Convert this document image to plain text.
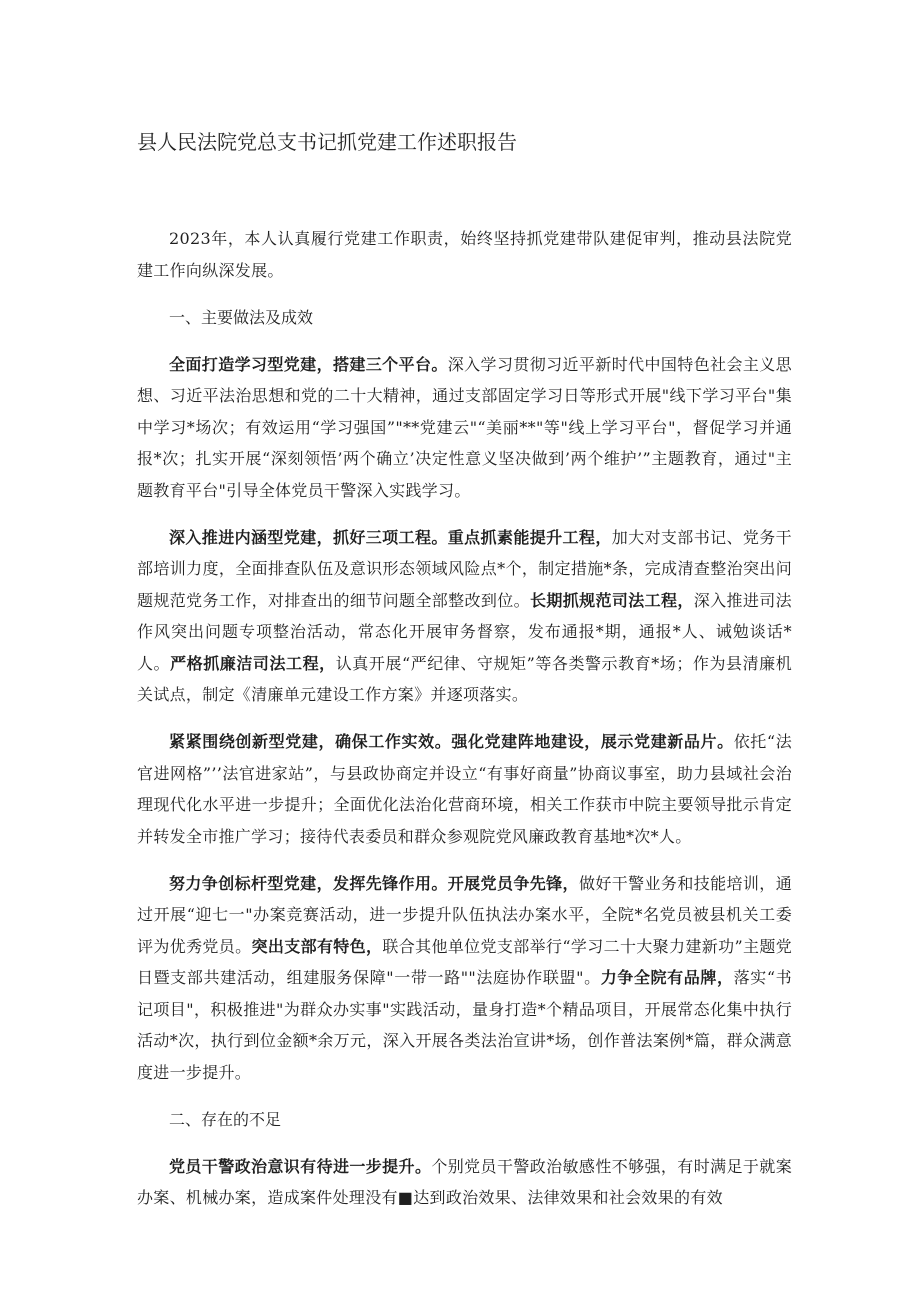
县人民法院党总支书记抓党建工作述职报告

2023年，本人认真履行党建工作职责，始终坚持抓党建带队建促审判，推动县法院党建工作向纵深发展。

一、主要做法及成效

全面打造学习型党建，搭建三个平台。深入学习贯彻习近平新时代中国特色社会主义思想、习近平法治思想和党的二十大精神，通过支部固定学习日等形式开展"线下学习平台"集中学习*场次；有效运用“学习强国”"**党建云"“美丽**"等"线上学习平台"，督促学习并通报*次；扎实开展“深刻领悟’两个确立’决定性意义坚决做到’两个维护’”主题教育，通过"主题教育平台"引导全体党员干警深入实践学习。

深入推进内涵型党建，抓好三项工程。重点抓素能提升工程，加大对支部书记、党务干部培训力度，全面排查队伍及意识形态领域风险点*个，制定措施*条，完成清查整治突出问题规范党务工作，对排查出的细节问题全部整改到位。长期抓规范司法工程，深入推进司法作风突出问题专项整治活动，常态化开展审务督察，发布通报*期，通报*人、诫勉谈话*人。严格抓廉洁司法工程，认真开展“严纪律、守规矩”等各类警示教育*场；作为县清廉机关试点，制定《清廉单元建设工作方案》并逐项落实。

紧紧围绕创新型党建，确保工作实效。强化党建阵地建设，展示党建新品片。依托“法官进网格”’’法官进家站”，与县政协商定并设立“有事好商量”协商议事室，助力县域社会治理现代化水平进一步提升；全面优化法治化营商环境，相关工作获市中院主要领导批示肯定并转发全市推广学习；接待代表委员和群众参观院党风廉政教育基地*次*人。

努力争创标杆型党建，发挥先锋作用。开展党员争先锋，做好干警业务和技能培训，通过开展“迎七一"办案竞赛活动，进一步提升队伍执法办案水平，全院*名党员被县机关工委评为优秀党员。突出支部有特色，联合其他单位党支部举行“学习二十大聚力建新功”主题党日暨支部共建活动，组建服务保障"一带一路""法庭协作联盟"。力争全院有品牌，落实“书记项目"，积极推进"为群众办实事"实践活动，量身打造*个精品项目，开展常态化集中执行活动*次，执行到位金额*余万元，深入开展各类法治宣讲*场，创作普法案例*篇，群众满意度进一步提升。

二、存在的不足

党员干警政治意识有待进一步提升。个别党员干警政治敏感性不够强，有时满足于就案办案、机械办案，造成案件处理没有■达到政治效果、法律效果和社会效果的有效
